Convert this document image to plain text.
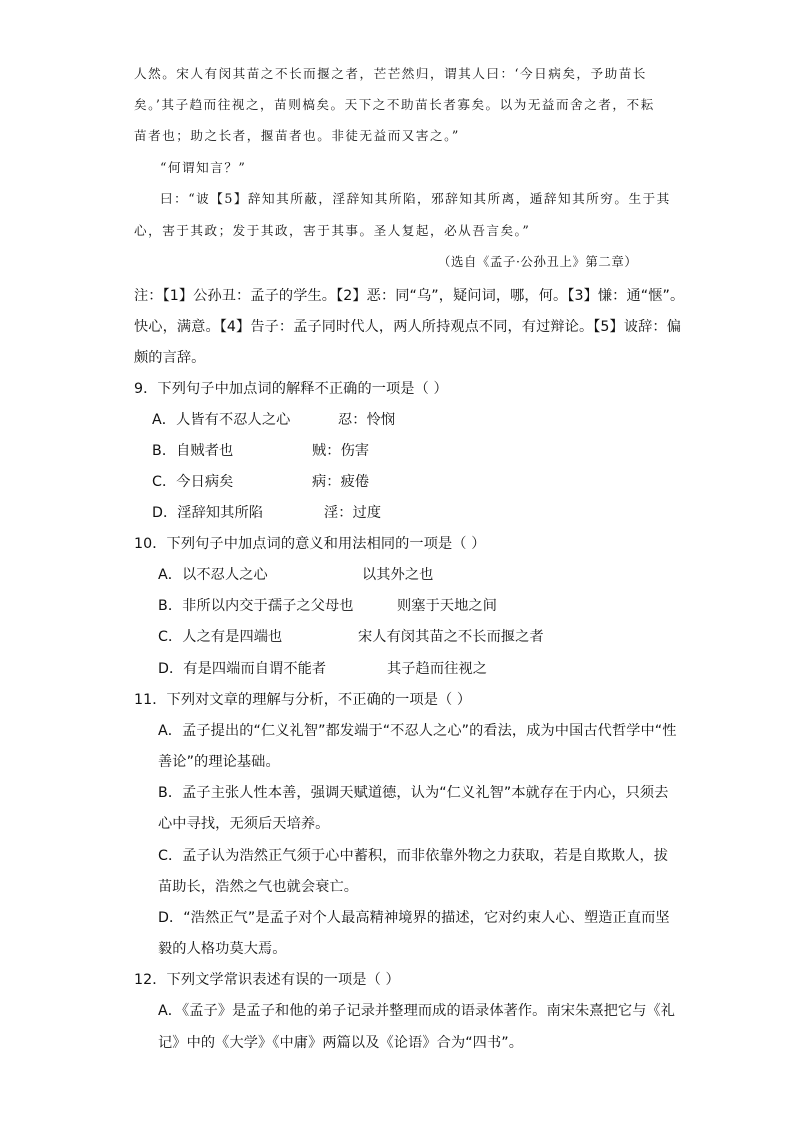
人然。宋人有闵其苗之不长而揠之者，芒芒然归，谓其人曰：‘今日病矣，予助苗长
矣。’其子趋而往视之，苗则槁矣。天下之不助苗长者寡矣。以为无益而舍之者，不耘
苗者也；助之长者，揠苗者也。非徒无益而又害之。”
“何谓知言？”
曰：“诐【5】辞知其所蔽，淫辞知其所陷，邪辞知其所离，遁辞知其所穷。生于其
心，害于其政；发于其政，害于其事。圣人复起，必从吾言矣。”
（选自《孟子·公孙丑上》第二章）
注：【1】公孙丑：孟子的学生。【2】恶：同“乌”，疑问词，哪，何。【3】慊：通“惬”。
快心，满意。【4】告子：孟子同时代人，两人所持观点不同，有过辩论。【5】诐辞：偏
颇的言辞。
9．下列句子中加点词的解释不正确的一项是（ ）
A．人皆有不忍人之心	忍：怜悯
B．自贼者也	贼：伤害
C．今日病矣	病：疲倦
D．淫辞知其所陷	淫：过度
10．下列句子中加点词的意义和用法相同的一项是（ ）
A．以不忍人之心	以其外之也
B．非所以内交于孺子之父母也	则塞于天地之间
C．人之有是四端也	宋人有闵其苗之不长而揠之者
D．有是四端而自谓不能者	其子趋而往视之
11．下列对文章的理解与分析，不正确的一项是（ ）
A．孟子提出的“仁义礼智”都发端于“不忍人之心”的看法，成为中国古代哲学中“性
善论”的理论基础。
B．孟子主张人性本善，强调天赋道德，认为“仁义礼智”本就存在于内心，只须去
心中寻找，无须后天培养。
C．孟子认为浩然正气须于心中蓄积，而非依靠外物之力获取，若是自欺欺人，拔
苗助长，浩然之气也就会衰亡。
D．“浩然正气”是孟子对个人最高精神境界的描述，它对约束人心、塑造正直而坚
毅的人格功莫大焉。
12．下列文学常识表述有误的一项是（ ）
A．《孟子》是孟子和他的弟子记录并整理而成的语录体著作。南宋朱熹把它与《礼
记》中的《大学》《中庸》两篇以及《论语》合为“四书”。
